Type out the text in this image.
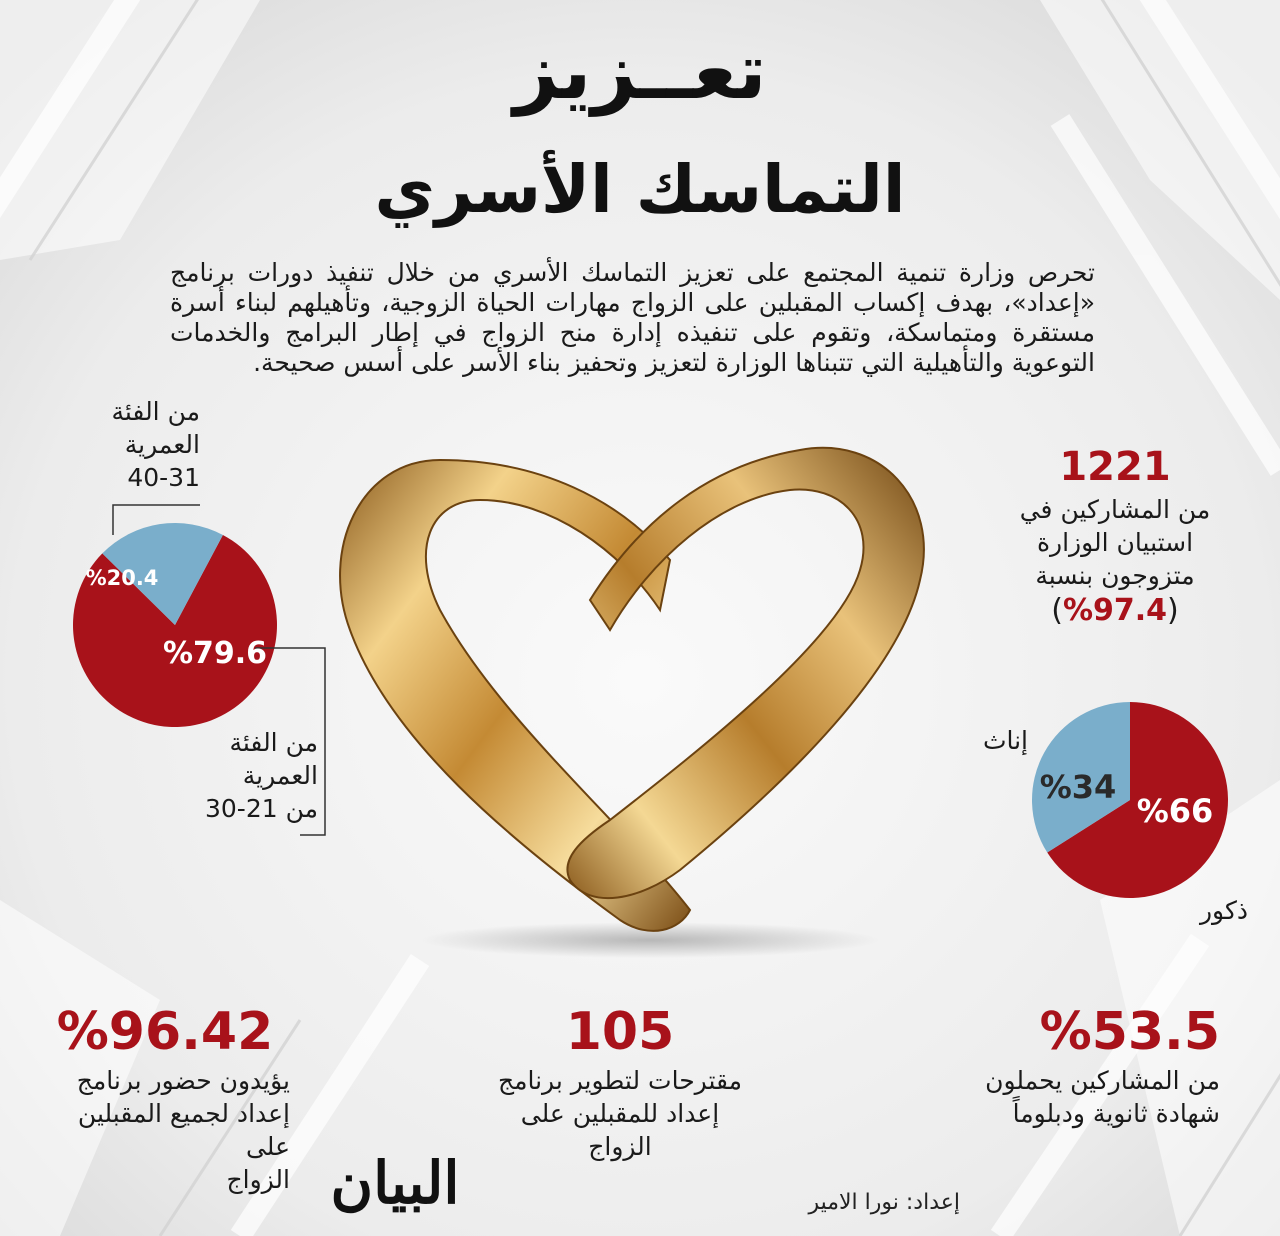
تعــزيز
التماسك الأسري
تحرص وزارة تنمية المجتمع على تعزيز التماسك الأسري من خلال تنفيذ دورات برنامج «إعداد»، بهدف إكساب المقبلين على الزواج مهارات الحياة الزوجية، وتأهيلهم لبناء أسرة مستقرة ومتماسكة، وتقوم على تنفيذه إدارة منح الزواج في إطار البرامج والخدمات التوعوية والتأهيلية التي تتبناها الوزارة لتعزيز وتحفيز بناء الأسر على أسس صحيحة.
%79.6
%20.4
من الفئة
العمرية
40-31
من الفئة
العمرية
من 21-30
1221
من المشاركين في استبيان الوزارة متزوجون بنسبة
(%97.4)
%66
%34
إناث
ذكور
%53.5
من المشاركين يحملون
شهادة ثانوية ودبلوماً
105
مقترحات لتطوير برنامج
إعداد للمقبلين على الزواج
%96.42
يؤيدون حضور برنامج
إعداد لجميع المقبلين على
الزواج البيان	إعداد: نورا الامير
